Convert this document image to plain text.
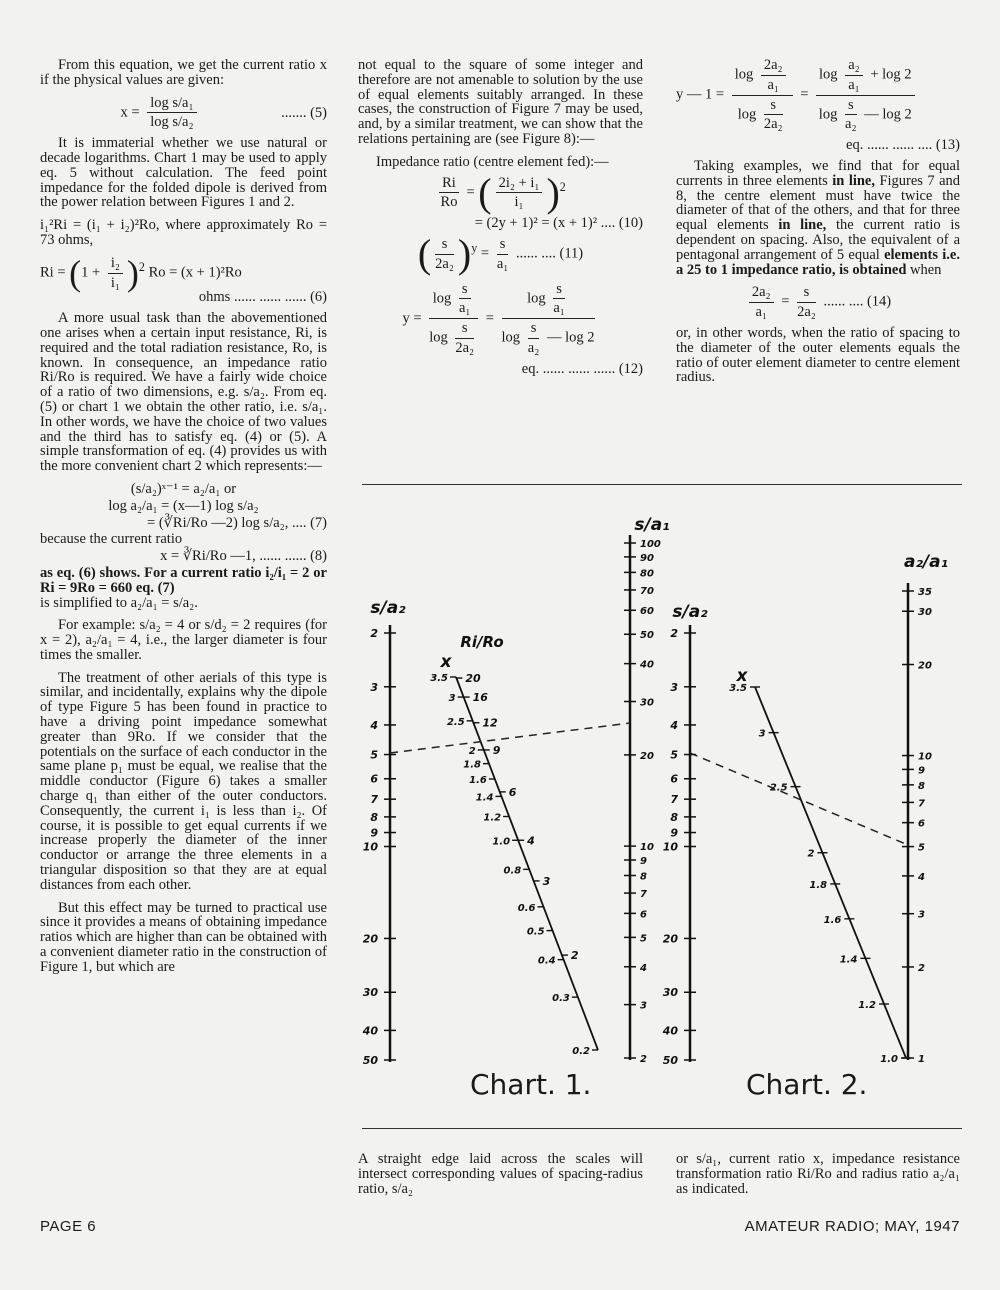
From this equation, we get the current ratio x if the physical values are given:

$x = \frac{\text{log s/a₁}}{\text{log s/a₂}}$	....... (5)

It is immaterial whether we use natural or decade logarithms. Chart 1 may be used to apply eq. 5 without calculation. The feed point impedance for the folded dipole is derived from the power relation between Figures 1 and 2.

i₁²Ri = (i₁ + i₂)²Ro, where approximately Ro = 73 ohms,

$Ri = (1 + \frac{\text{i₂}}{\text{i₁}} )^2$ Ro = (x + 1)²Ro
ohms ...... ...... ...... (6)

A more usual task than the abovementioned one arises when a certain input resistance, Ri, is required and the total radiation resistance, Ro, is known. In consequence, an impedance ratio Ri/Ro is required. We have a fairly wide choice of a ratio of two dimensions, e.g. s/a₂. From eq. (5) or chart 1 we obtain the other ratio, i.e. s/a₁. In other words, we have the choice of two values and the third has to satisfy eq. (4) or (5). A simple transformation of eq. (4) provides us with the more convenient chart 2 which represents:—

(s/a₂)ˣ⁻¹ = a₂/a₁ or
log a₂/a₁ = (x—1) log s/a₂
= (∛Ri/Ro —2) log s/a₂, .... (7)

because the current ratio

x = ∛Ri/Ro —1, ...... ...... (8)

as eq. (6) shows. For a current ratio i₂/i₁ = 2 or Ri = 9Ro = 660 eq. (7)

is simplified to a₂/a₁ = s/a₂.

For example: s/a₂ = 4 or s/d₂ = 2 requires (for x = 2), a₂/a₁ = 4, i.e., the larger diameter is four times the smaller.

The treatment of other aerials of this type is similar, and incidentally, explains why the dipole of type Figure 5 has been found in practice to have a driving point impedance somewhat greater than 9Ro. If we consider that the potentials on the surface of each conductor in the same plane p₁ must be equal, we realise that the middle conductor (Figure 6) takes a smaller charge q₁ than either of the outer conductors. Consequently, the current i₁ is less than i₂. Of course, it is possible to get equal currents if we increase properly the diameter of the inner conductor or arrange the three elements in a triangular disposition so that they are at equal distances from each other.

But this effect may be turned to practical use since it provides a means of obtaining impedance ratios which are higher than can be obtained with a convenient diameter ratio in the construction of Figure 1, but which are

not equal to the square of some integer and therefore are not amenable to solution by the use of equal elements suitably arranged. In these cases, the construction of Figure 7 may be used, and, by a similar treatment, we can show that the relations pertaining are (see Figure 8):—

Impedance ratio (centre element fed):—

$\frac{Ri}{Ro}$ = ( $\frac{\text{2i₂ + i₁}}{\text{i₁}} )^2$
= (2y + 1)² = (x + 1)² .... (10)
( $\frac{s}{\text{2a₂}} )^y = \frac{s}{\text{a₁}}$ ...... .... (11)
$y = \frac{\log \frac{s}{\text{a₁}}}{\log \frac{s}{\text{2a₂}}} = \frac{\log \frac{s}{\text{a₁}}}{\log \frac{s}{\text{a₂}} — \log 2}$
eq. ...... ...... ...... (12)
y — $1 = \frac{\log \frac{\text{2a₂}}{\text{a₁}}}{\log \frac{s}{\text{2a₂}}} = \frac{\log \frac{\text{a₂}}{\text{a₁}} + \log 2}{\log \frac{s}{\text{a₂}} — \log 2}$
eq. ...... ...... .... (13)

Taking examples, we find that for equal currents in three elements in line, Figures 7 and 8, the centre element must have twice the diameter of that of the others, and that for three equal elements in line, the current ratio is dependent on spacing. Also, the equivalent of a pentagonal arrangement of 5 equal elements i.e. a 25 to 1 impedance ratio, is obtained when

$\frac{\text{2a₂}}{\text{a₁}} = \frac{s}{\text{2a₂}}$ ...... .... (14)

or, in other words, when the ratio of spacing to the diameter of the outer elements equals the ratio of outer element diameter to centre element radius.

2
3
4
5
6
7
8
9
10
20
30
40
50
s/a₂
100
90
80
70
60
50
40
30
20
10
9
8
7
6
5
4
3
2
s/a₁
3.5
3
2.5
2
1.8
1.6
1.4
1.2
1.0
0.8
0.6
0.5
0.4
0.3
0.2
20
16
12
9
6
4
3
2
x
Ri/Ro	2
3
4
5
6
7
8
9
10
20
30
40
50
s/a₂
35
30
20
10
9
8
7
6
5
4
3
2
1
a₂/a₁
3.5
3
2.5
2
1.8
1.6
1.4
1.2
1.0
x
Chart. 1.	Chart. 2.
A straight edge laid across the scales will intersect corresponding values of spacing-radius ratio, s/a₂
or s/a₁, current ratio x, impedance resistance transformation ratio Ri/Ro and radius ratio a₂/a₁ as indicated.
PAGE 6	AMATEUR RADIO; MAY, 1947
